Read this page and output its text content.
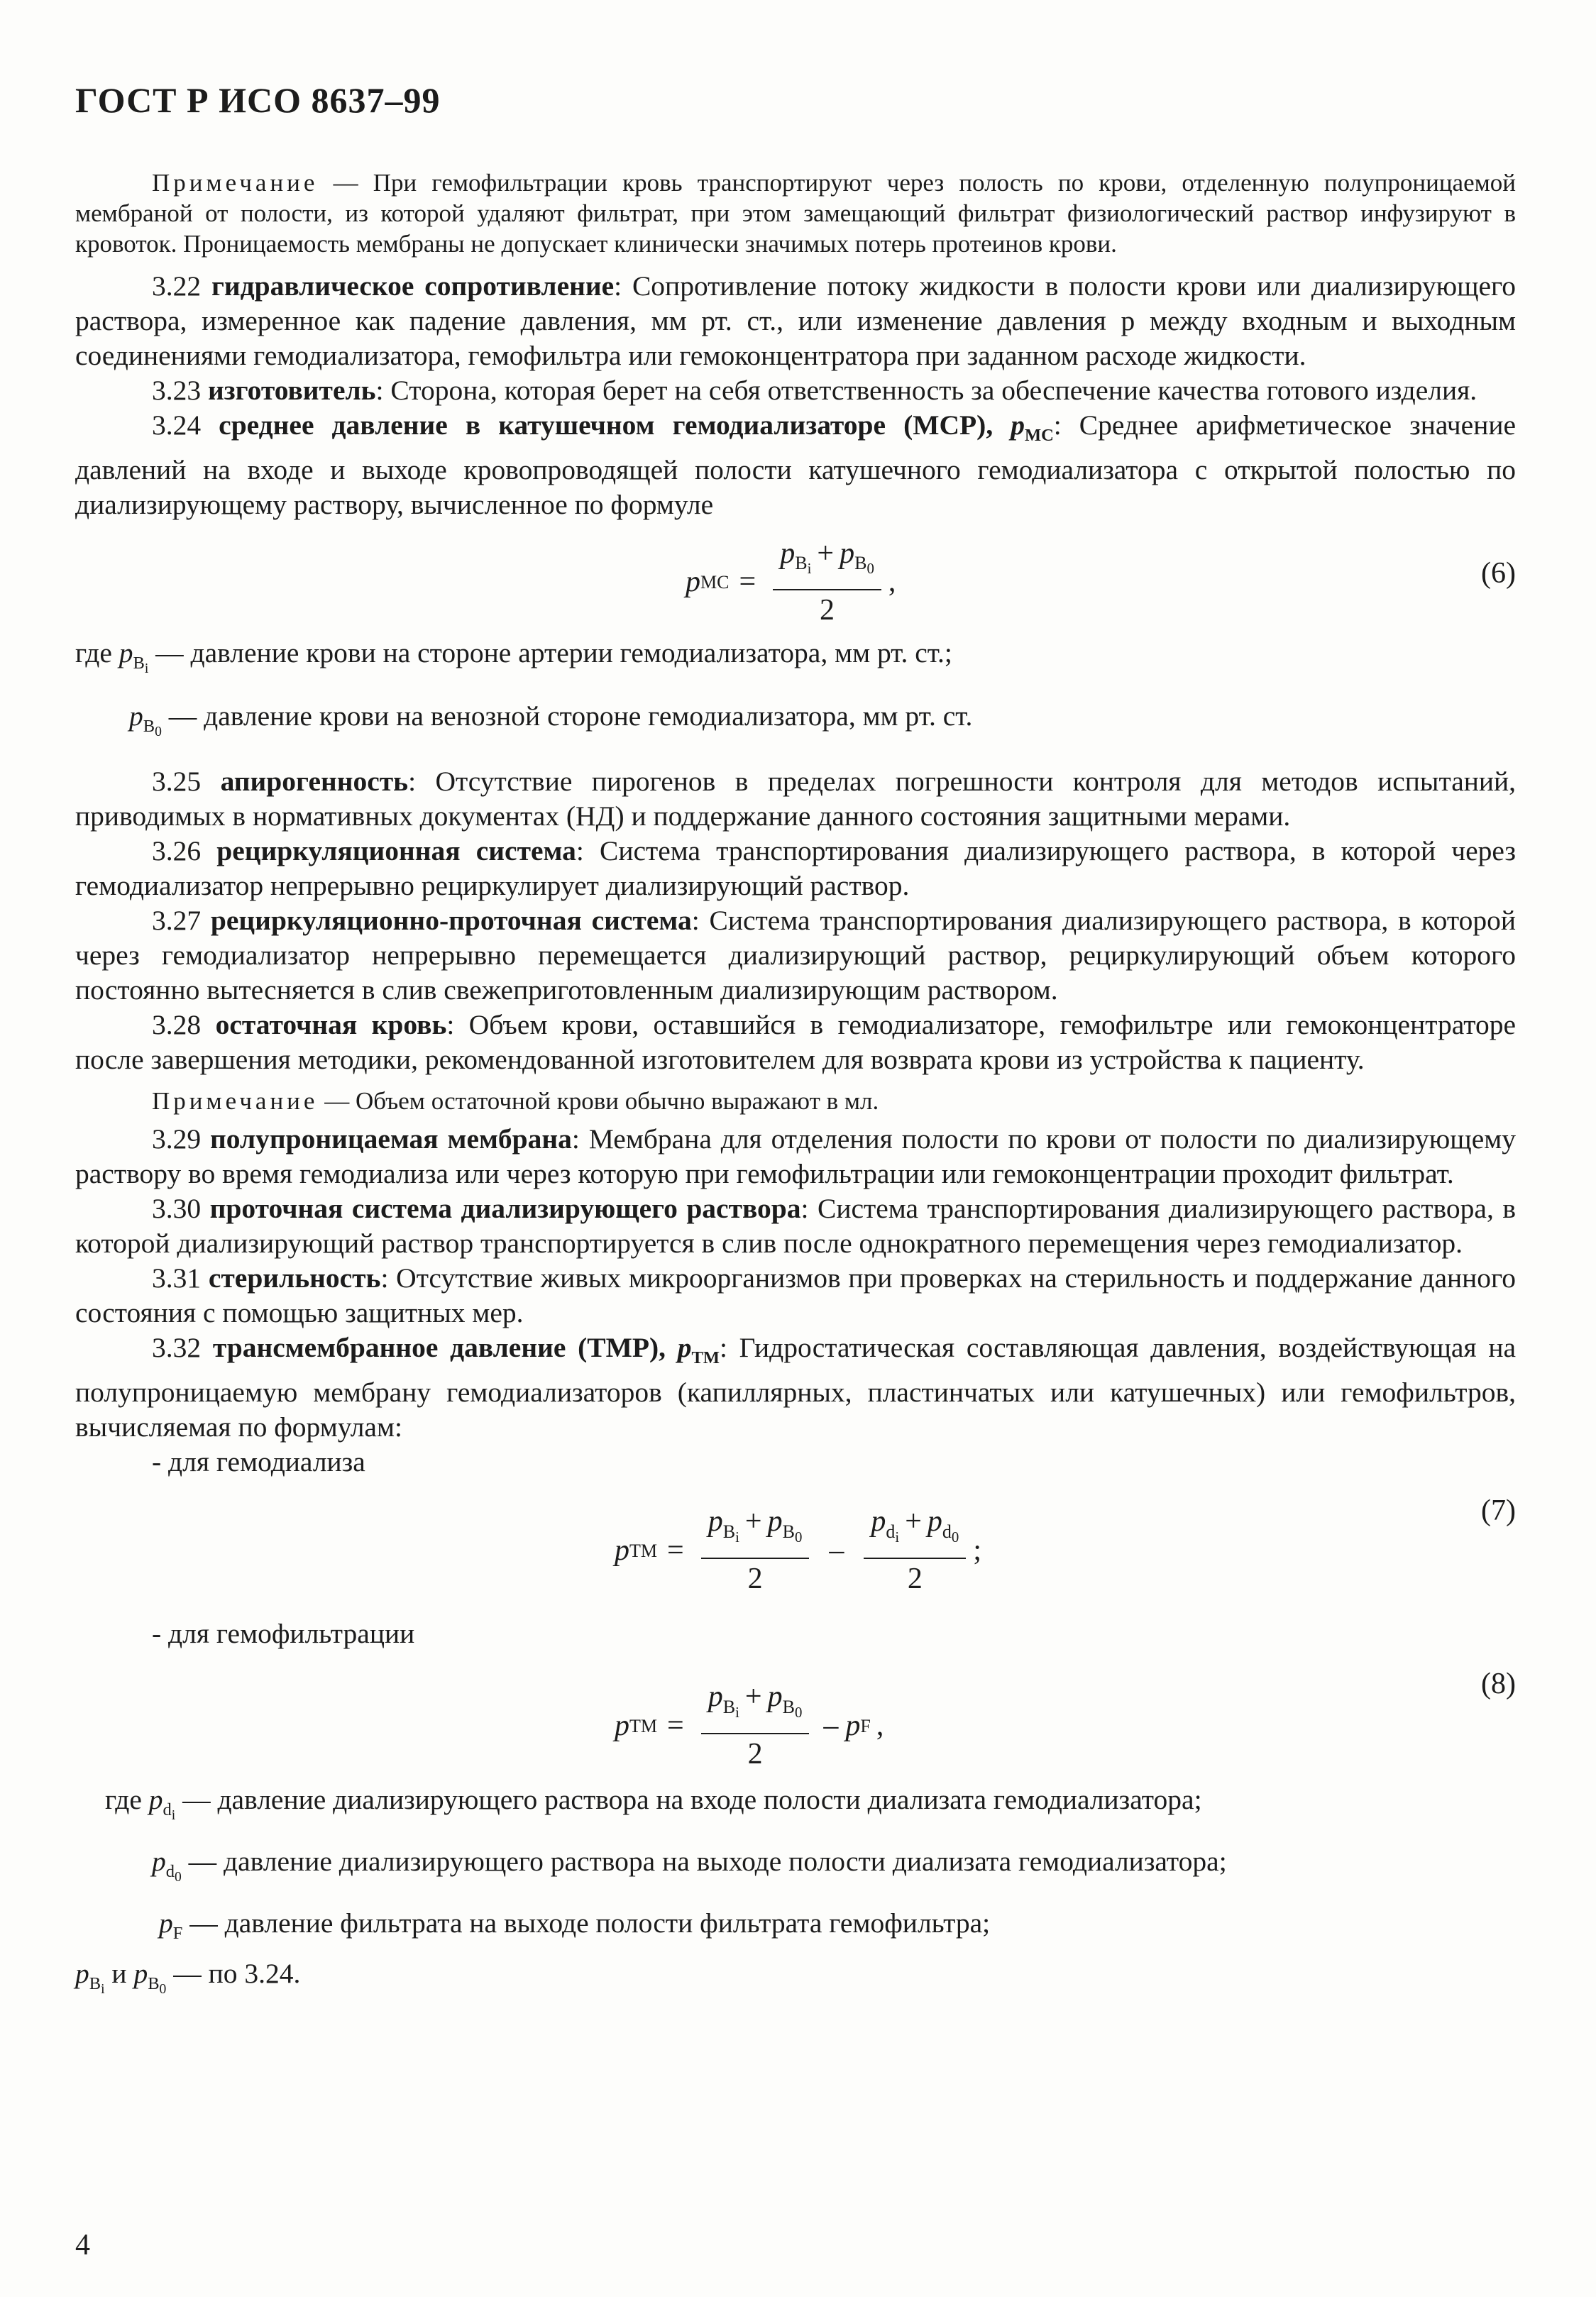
ГОСТ Р ИСО 8637–99

Примечание — При гемофильтрации кровь транспортируют через полость по крови, отделенную полупроницаемой мембраной от полости, из которой удаляют фильтрат, при этом замещающий фильтрат физиологический раствор инфузируют в кровоток. Проницаемость мембраны не допускает клинически значимых потерь протеинов крови.

3.22 гидравлическое сопротивление: Сопротивление потоку жидкости в полости крови или диализирующего раствора, измеренное как падение давления, мм рт. ст., или изменение давления p между входным и выходным соединениями гемодиализатора, гемофильтра или гемоконцентратора при заданном расходе жидкости.

3.23 изготовитель: Сторона, которая берет на себя ответственность за обеспечение качества готового изделия.

3.24 среднее давление в катушечном гемодиализаторе (MCP), $p_{MC}$: Среднее арифметическое значение давлений на входе и выходе кровопроводящей полости катушечного гемодиализатора с открытой полостью по диализирующему раствору, вычисленное по формуле

p MC = $\frac{p_{B_i} + p_{B_0}}{2}$ ,	(6)

где $p_{B_i}$ — давление крови на стороне артерии гемодиализатора, мм рт. ст.;

$p_{B_0}$ — давление крови на венозной стороне гемодиализатора, мм рт. ст.

3.25 апирогенность: Отсутствие пирогенов в пределах погрешности контроля для методов испытаний, приводимых в нормативных документах (НД) и поддержание данного состояния защитными мерами.

3.26 рециркуляционная система: Система транспортирования диализирующего раствора, в которой через гемодиализатор непрерывно рециркулирует диализирующий раствор.

3.27 рециркуляционно-проточная система: Система транспортирования диализирующего раствора, в которой через гемодиализатор непрерывно перемещается диализирующий раствор, рециркулирующий объем которого постоянно вытесняется в слив свежеприготовленным диализирующим раствором.

3.28 остаточная кровь: Объем крови, оставшийся в гемодиализаторе, гемофильтре или гемоконцентраторе после завершения методики, рекомендованной изготовителем для возврата крови из устройства к пациенту.

Примечание — Объем остаточной крови обычно выражают в мл.

3.29 полупроницаемая мембрана: Мембрана для отделения полости по крови от полости по диализирующему раствору во время гемодиализа или через которую при гемофильтрации или гемоконцентрации проходит фильтрат.

3.30 проточная система диализирующего раствора: Система транспортирования диализирующего раствора, в которой диализирующий раствор транспортируется в слив после однократного перемещения через гемодиализатор.

3.31 стерильность: Отсутствие живых микроорганизмов при проверках на стерильность и поддержание данного состояния с помощью защитных мер.

3.32 трансмембранное давление (TMP), $p_{TM}$: Гидростатическая составляющая давления, воздействующая на полупроницаемую мембрану гемодиализаторов (капиллярных, пластинчатых или катушечных) или гемофильтров, вычисляемая по формулам:

- для гемодиализа

p TM = $\frac{p_{B_i} + p_{B_0}}{2} - \frac{p_{d_i} + p_{d_0}}{2}$ ;
(7)

- для гемофильтрации

p TM = $\frac{p_{B_i} + p_{B_0}}{2}$ – p F ,
(8)

где $p_{d_i}$ — давление диализирующего раствора на входе полости диализата гемодиализатора;

$p_{d_0}$ — давление диализирующего раствора на выходе полости диализата гемодиализатора;

$p_F$ — давление фильтрата на выходе полости фильтрата гемофильтра;

$p_{B_i}$ и $p_{B_0}$ — по 3.24.

4
